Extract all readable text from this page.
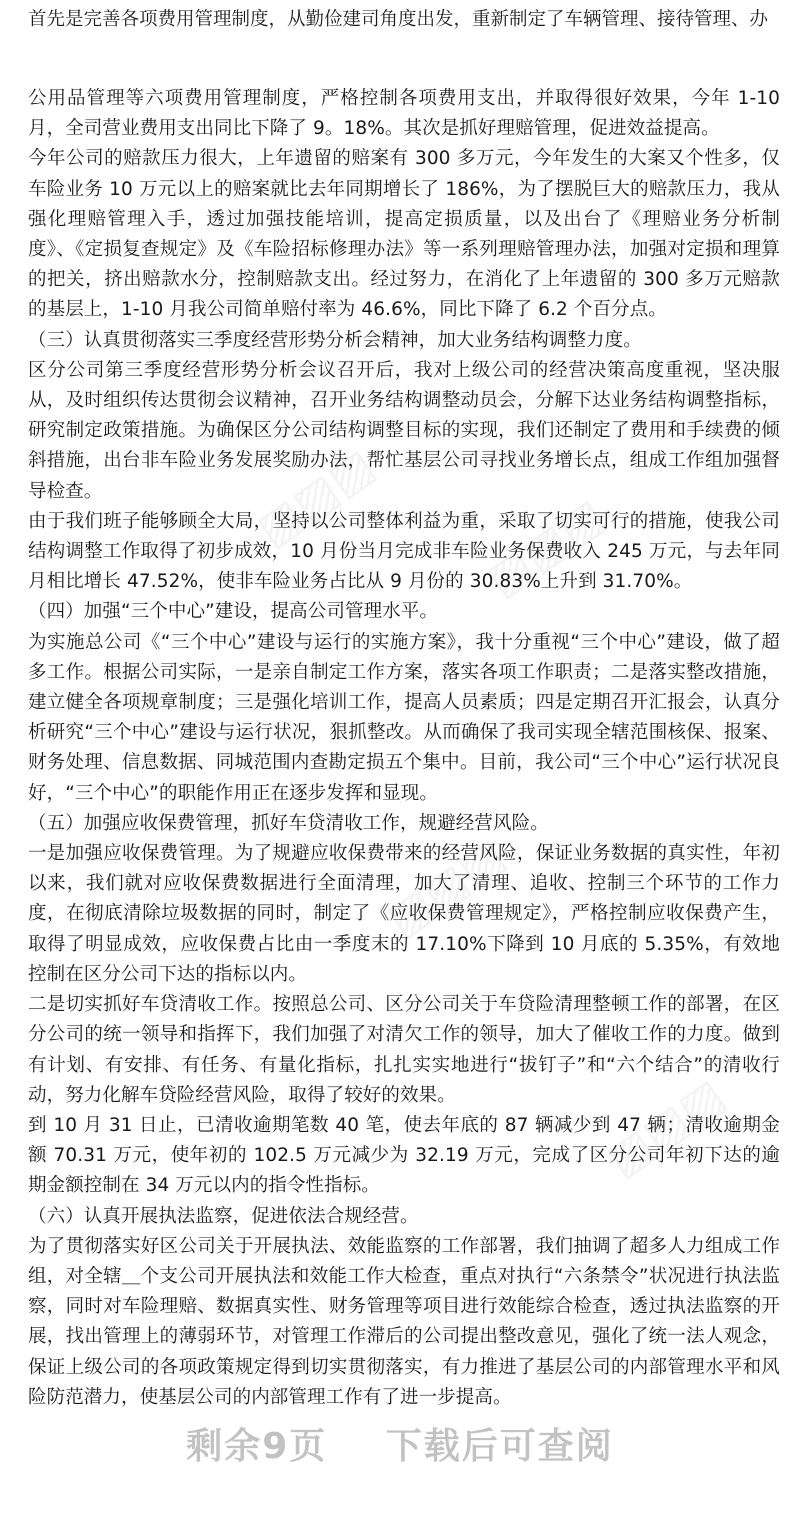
首先是完善各项费用管理制度，从勤俭建司角度出发，重新制定了车辆管理、接待管理、办

公用品管理等六项费用管理制度，严格控制各项费用支出，并取得很好效果，今年 1-10 月，全司营业费用支出同比下降了 9。18%。其次是抓好理赔管理，促进效益提高。

今年公司的赔款压力很大，上年遗留的赔案有 300 多万元，今年发生的大案又个性多，仅车险业务 10 万元以上的赔案就比去年同期增长了 186%，为了摆脱巨大的赔款压力，我从强化理赔管理入手，透过加强技能培训，提高定损质量，以及出台了《理赔业务分析制度》、《定损复查规定》及《车险招标修理办法》等一系列理赔管理办法，加强对定损和理算的把关，挤出赔款水分，控制赔款支出。经过努力，在消化了上年遗留的 300 多万元赔款的基层上，1-10 月我公司简单赔付率为 46.6%，同比下降了 6.2 个百分点。

（三）认真贯彻落实三季度经营形势分析会精神，加大业务结构调整力度。

区分公司第三季度经营形势分析会议召开后，我对上级公司的经营决策高度重视，坚决服从，及时组织传达贯彻会议精神，召开业务结构调整动员会，分解下达业务结构调整指标，研究制定政策措施。为确保区分公司结构调整目标的实现，我们还制定了费用和手续费的倾斜措施，出台非车险业务发展奖励办法，帮忙基层公司寻找业务增长点，组成工作组加强督导检查。

由于我们班子能够顾全大局，坚持以公司整体利益为重，采取了切实可行的措施，使我公司结构调整工作取得了初步成效，10 月份当月完成非车险业务保费收入 245 万元，与去年同月相比增长 47.52%，使非车险业务占比从 9 月份的 30.83%上升到 31.70%。

（四）加强“三个中心”建设，提高公司管理水平。

为实施总公司《“三个中心”建设与运行的实施方案》，我十分重视“三个中心”建设，做了超多工作。根据公司实际，一是亲自制定工作方案，落实各项工作职责；二是落实整改措施，建立健全各项规章制度；三是强化培训工作，提高人员素质；四是定期召开汇报会，认真分析研究“三个中心”建设与运行状况，狠抓整改。从而确保了我司实现全辖范围核保、报案、财务处理、信息数据、同城范围内查勘定损五个集中。目前，我公司“三个中心”运行状况良好，“三个中心”的职能作用正在逐步发挥和显现。

（五）加强应收保费管理，抓好车贷清收工作，规避经营风险。

一是加强应收保费管理。为了规避应收保费带来的经营风险，保证业务数据的真实性，年初以来，我们就对应收保费数据进行全面清理，加大了清理、追收、控制三个环节的工作力度，在彻底清除垃圾数据的同时，制定了《应收保费管理规定》，严格控制应收保费产生，取得了明显成效，应收保费占比由一季度末的 17.10%下降到 10 月底的 5.35%，有效地控制在区分公司下达的指标以内。

二是切实抓好车贷清收工作。按照总公司、区分公司关于车贷险清理整顿工作的部署，在区分公司的统一领导和指挥下，我们加强了对清欠工作的领导，加大了催收工作的力度。做到有计划、有安排、有任务、有量化指标，扎扎实实地进行“拔钉子”和“六个结合”的清收行动，努力化解车贷险经营风险，取得了较好的效果。

到 10 月 31 日止，已清收逾期笔数 40 笔，使去年底的 87 辆减少到 47 辆；清收逾期金额 70.31 万元，使年初的 102.5 万元减少为 32.19 万元，完成了区分公司年初下达的逾期金额控制在 34 万元以内的指令性指标。

（六）认真开展执法监察，促进依法合规经营。

为了贯彻落实好区公司关于开展执法、效能监察的工作部署，我们抽调了超多人力组成工作组，对全辖＿个支公司开展执法和效能工作大检查，重点对执行“六条禁令”状况进行执法监察，同时对车险理赔、数据真实性、财务管理等项目进行效能综合检查，透过执法监察的开展，找出管理上的薄弱环节，对管理工作滞后的公司提出整改意见，强化了统一法人观念，保证上级公司的各项政策规定得到切实贯彻落实，有力推进了基层公司的内部管理水平和风险防范潜力，使基层公司的内部管理工作有了进一步提高。

剩余9页 下载后可查阅
